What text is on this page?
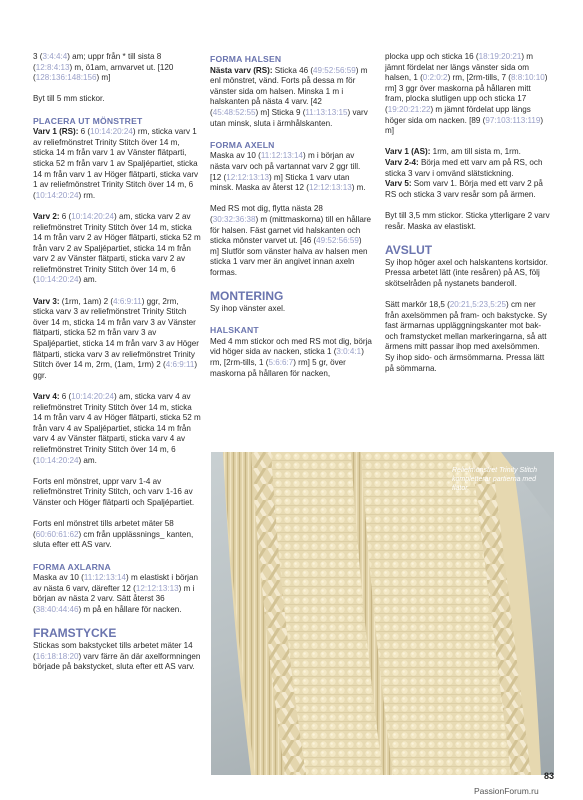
3 (3:4:4:4) am; uppr från * till sista 8 (12:8:4:13) m, ö1am, arnvarvet ut. [120 (128:136:148:156) m]

Byt till 5 mm stickor.

PLACERA UT MÖNSTRET

Varv 1 (RS): 6 (10:14:20:24) rm, sticka varv 1 av reliefmönstret Trinity Stitch över 14 m, sticka 14 m från varv 1 av Vänster flätparti, sticka 52 m från varv 1 av Spaljépartiet, sticka 14 m från varv 1 av Höger flätparti, sticka varv 1 av reliefmönstret Trinity Stitch över 14 m, 6 (10:14:20:24) rm.

Varv 2: 6 (10:14:20:24) am, sticka varv 2 av reliefmönstret Trinity Stitch över 14 m, sticka 14 m från varv 2 av Höger flätparti, sticka 52 m från varv 2 av Spaljépartiet, sticka 14 m från varv 2 av Vänster flätparti, sticka varv 2 av reliefmönstret Trinity Stitch över 14 m, 6 (10:14:20:24) am.

Varv 3: (1rm, 1am) 2 (4:6:9:11) ggr, 2rm, sticka varv 3 av reliefmönstret Trinity Stitch över 14 m, sticka 14 m från varv 3 av Vänster flätparti, sticka 52 m från varv 3 av Spaljépartiet, sticka 14 m från varv 3 av Höger flätparti, sticka varv 3 av reliefmönstret Trinity Stitch över 14 m, 2rm, (1am, 1rm) 2 (4:6:9:11) ggr.

Varv 4: 6 (10:14:20:24) am, sticka varv 4 av reliefmönstret Trinity Stitch över 14 m, sticka 14 m från varv 4 av Höger flätparti, sticka 52 m från varv 4 av Spaljépartiet, sticka 14 m från varv 4 av Vänster flätparti, sticka varv 4 av reliefmönstret Trinity Stitch över 14 m, 6 (10:14:20:24) am.

Forts enl mönstret, uppr varv 1-4 av reliefmönstret Trinity Stitch, och varv 1-16 av Vänster och Höger flätparti och Spaljépartiet.

Forts enl mönstret tills arbetet mäter 58 (60:60:61:62) cm från upplässnings_ kanten, sluta efter ett AS varv.

FORMA AXLARNA

Maska av 10 (11:12:13:14) m elastiskt i början av nästa 6 varv, därefter 12 (12:12:13:13) m i början av nästa 2 varv. Sätt återst 36 (38:40:44:46) m på en hållare för nacken.

FRAMSTYCKE

Stickas som bakstycket tills arbetet mäter 14 (16:18:18:20) varv färre än där axelformningen började på bakstycket, sluta efter ett AS varv.

FORMA HALSEN

Nästa varv (RS): Sticka 46 (49:52:56:59) m enl mönstret, vänd. Forts på dessa m för vänster sida om halsen. Minska 1 m i halskanten på nästa 4 varv. [42 (45:48:52:55) m] Sticka 9 (11:13:13:15) varv utan minsk, sluta i ärmhålskanten.

FORMA AXELN

Maska av 10 (11:12:13:14) m i början av nästa varv och på vartannat varv 2 ggr till. [12 (12:12:13:13) m] Sticka 1 varv utan minsk. Maska av återst 12 (12:12:13:13) m.

Med RS mot dig, flytta nästa 28 (30:32:36:38) m (mittmaskorna) till en hållare för halsen. Fäst garnet vid halskanten och sticka mönster varvet ut. [46 (49:52:56:59) m] Slutför som vänster halva av halsen men sticka 1 varv mer än angivet innan axeln formas.

MONTERING

Sy ihop vänster axel.

HALSKANT

Med 4 mm stickor och med RS mot dig, börja vid höger sida av nacken, sticka 1 (3:0:4:1) rm, [2rm-tills, 1 (5:6:6:7) rm] 5 gr, över maskorna på hållaren för nacken,

plocka upp och sticka 16 (18:19:20:21) m jämnt fördelat ner längs vänster sida om halsen, 1 (0:2:0:2) rm, [2rm-tills, 7 (8:8:10:10) rm] 3 ggr över maskorna på hållaren mitt fram, plocka slutligen upp och sticka 17 (19:20:21:22) m jämnt fördelat upp längs höger sida om nacken. [89 (97:103:113:119) m]

Varv 1 (AS): 1rm, am till sista m, 1rm.
Varv 2-4: Börja med ett varv am på RS, och sticka 3 varv i omvänd slätstickning.

Varv 5: Som varv 1. Börja med ett varv 2 på RS och sticka 3 varv resår som på ärmen.

Byt till 3,5 mm stickor. Sticka ytterligare 2 varv resår. Maska av elastiskt.

AVSLUT

Sy ihop höger axel och halskantens kortsidor. Pressa arbetet lätt (inte resåren) på AS, följ skötselråden på nystanets banderoll.

Sätt markör 18,5 (20:21,5:23,5:25) cm ner från axelsömmen på fram- och bakstycke. Sy fast ärmarnas uppläggningskanter mot bak- och framstycket mellan markeringarna, så att ärmens mitt passar ihop med axelsömmen. Sy ihop sido- och ärmsömmarna. Pressa lätt på sömmarna.

Reliefmönstret Trinity Stitch kompletterar partierna med flätor.
83
PassionForum.ru
